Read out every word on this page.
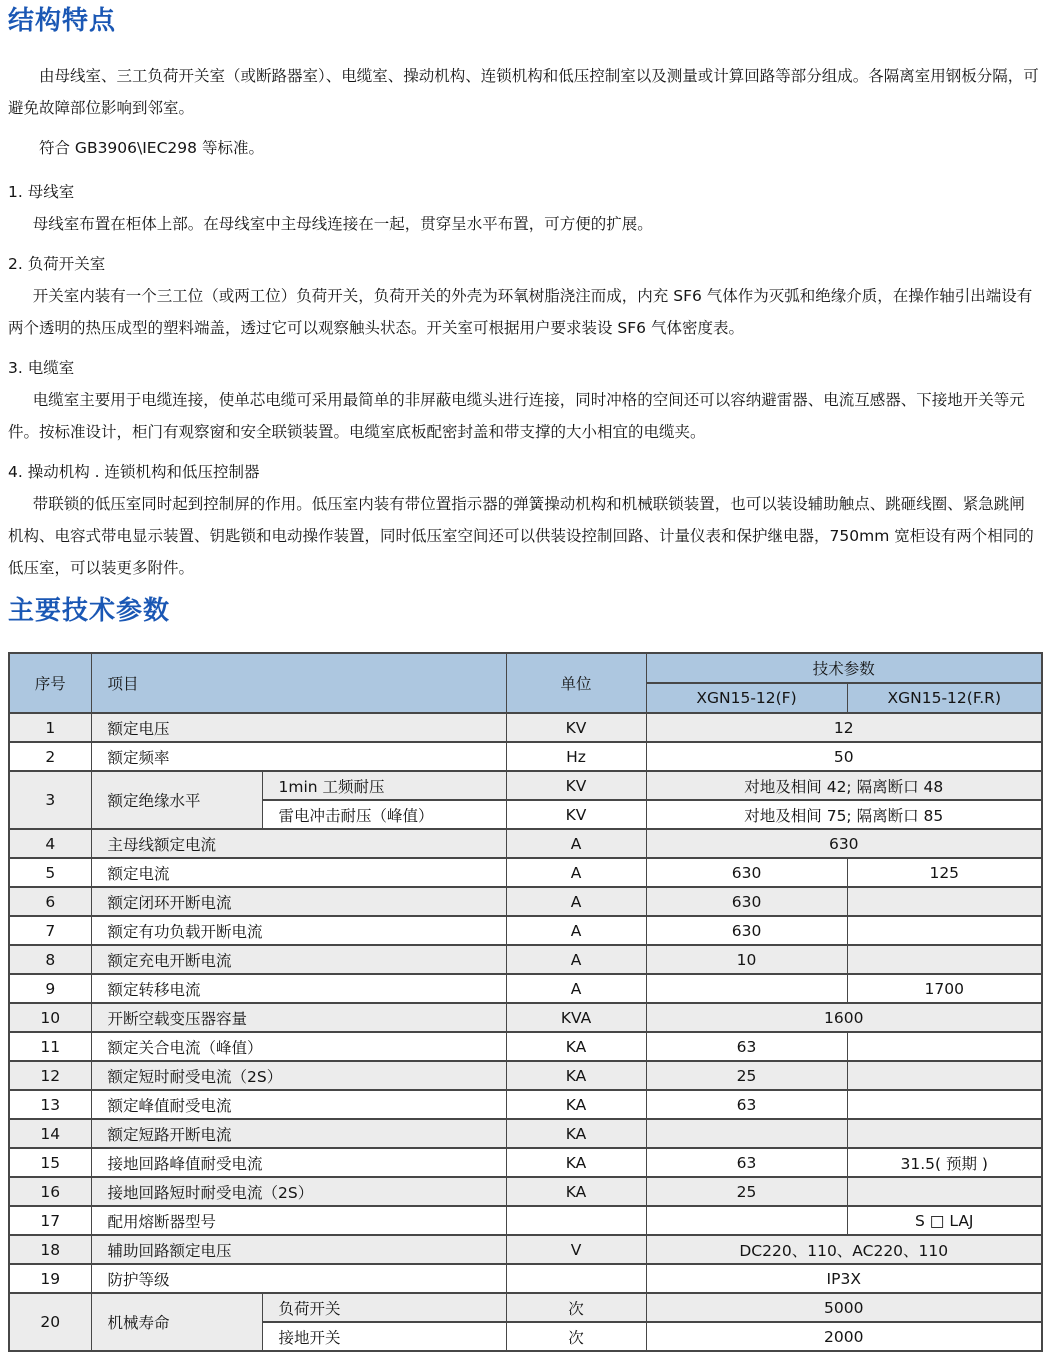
结构特点

由母线室、三工负荷开关室（或断路器室）、电缆室、操动机构、连锁机构和低压控制室以及测量或计算回路等部分组成。各隔离室用钢板分隔，可避免故障部位影响到邻室。

符合 GB3906\IEC298 等标准。

1. 母线室

母线室布置在柜体上部。在母线室中主母线连接在一起，贯穿呈水平布置，可方便的扩展。

2. 负荷开关室

开关室内装有一个三工位（或两工位）负荷开关，负荷开关的外壳为环氧树脂浇注而成，内充 SF6 气体作为灭弧和绝缘介质，在操作轴引出端设有两个透明的热压成型的塑料端盖，透过它可以观察触头状态。开关室可根据用户要求装设 SF6 气体密度表。

3. 电缆室

电缆室主要用于电缆连接，使单芯电缆可采用最简单的非屏蔽电缆头进行连接，同时冲格的空间还可以容纳避雷器、电流互感器、下接地开关等元件。按标准设计，柜门有观察窗和安全联锁装置。电缆室底板配密封盖和带支撑的大小相宜的电缆夹。

4. 操动机构 . 连锁机构和低压控制器

带联锁的低压室同时起到控制屏的作用。低压室内装有带位置指示器的弹簧操动机构和机械联锁装置，也可以装设辅助触点、跳砸线圈、紧急跳闸机构、电容式带电显示装置、钥匙锁和电动操作装置，同时低压室空间还可以供装设控制回路、计量仪表和保护继电器，750mm 宽柜设有两个相同的低压室，可以装更多附件。

主要技术参数
序号	项目		单位	技术参数	
				XGN15-12(F)	XGN15-12(F.R)
1	额定电压		KV	12	
2	额定频率		Hz	50	
3	额定绝缘水平	1min 工频耐压	KV	对地及相间 42; 隔离断口 48	
		雷电冲击耐压（峰值）	KV	对地及相间 75; 隔离断口 85	
4	主母线额定电流		A	630	
5	额定电流		A	630	125
6	额定闭环开断电流		A	630	
7	额定有功负载开断电流		A	630	
8	额定充电开断电流		A	10	
9	额定转移电流		A		1700
10	开断空载变压器容量		KVA	1600	
11	额定关合电流（峰值）		KA	63	
12	额定短时耐受电流（2S）		KA	25	
13	额定峰值耐受电流		KA	63	
14	额定短路开断电流		KA		
15	接地回路峰值耐受电流		KA	63	31.5( 预期 )
16	接地回路短时耐受电流（2S）		KA	25	
17	配用熔断器型号				S □ LAJ
18	辅助回路额定电压		V	DC220、110、AC220、110	
19	防护等级			IP3X	
20	机械寿命	负荷开关	次	5000	
		接地开关	次	2000	
